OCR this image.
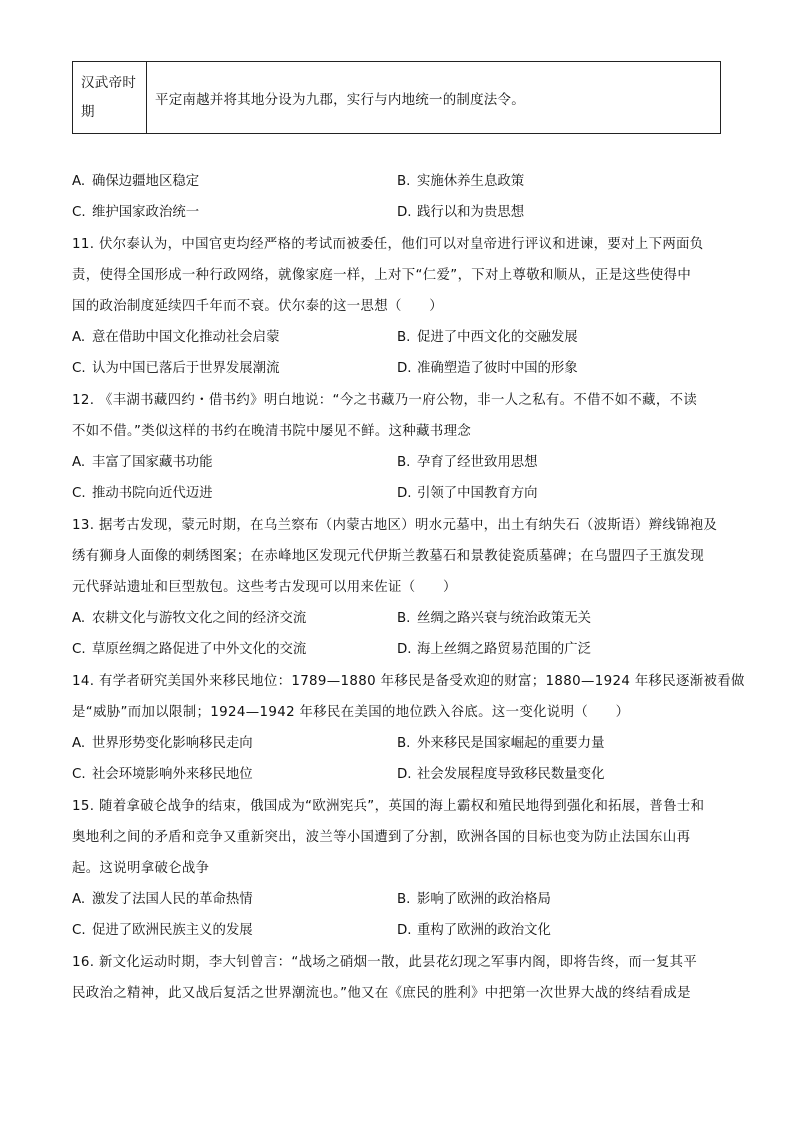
汉武帝时
期
平定南越并将其地分设为九郡，实行与内地统一的制度法令。
A. 确保边疆地区稳定	B. 实施休养生息政策
C. 维护国家政治统一	D. 践行以和为贵思想
11. 伏尔泰认为，中国官吏均经严格的考试而被委任，他们可以对皇帝进行评议和进谏，要对上下两面负
责，使得全国形成一种行政网络，就像家庭一样，上对下“仁爱”，下对上尊敬和顺从，正是这些使得中
国的政治制度延续四千年而不衰。伏尔泰的这一思想（　　）
A. 意在借助中国文化推动社会启蒙	B. 促进了中西文化的交融发展
C. 认为中国已落后于世界发展潮流	D. 准确塑造了彼时中国的形象
12. 《丰湖书藏四约・借书约》明白地说：“今之书藏乃一府公物，非一人之私有。不借不如不藏，不读
不如不借。”类似这样的书约在晚清书院中屡见不鲜。这种藏书理念
A. 丰富了国家藏书功能	B. 孕育了经世致用思想
C. 推动书院向近代迈进	D. 引领了中国教育方向
13. 据考古发现，蒙元时期，在乌兰察布（内蒙古地区）明水元墓中，出土有纳失石（波斯语）辫线锦袍及
绣有狮身人面像的刺绣图案；在赤峰地区发现元代伊斯兰教墓石和景教徒瓷质墓碑；在乌盟四子王旗发现
元代驿站遗址和巨型敖包。这些考古发现可以用来佐证（　　）
A. 农耕文化与游牧文化之间的经济交流	B. 丝绸之路兴衰与统治政策无关
C. 草原丝绸之路促进了中外文化的交流	D. 海上丝绸之路贸易范围的广泛
14. 有学者研究美国外来移民地位：1789—1880 年移民是备受欢迎的财富；1880—1924 年移民逐渐被看做
是“威胁”而加以限制；1924—1942 年移民在美国的地位跌入谷底。这一变化说明（　　）
A. 世界形势变化影响移民走向	B. 外来移民是国家崛起的重要力量
C. 社会环境影响外来移民地位	D. 社会发展程度导致移民数量变化
15. 随着拿破仑战争的结束，俄国成为“欧洲宪兵”，英国的海上霸权和殖民地得到强化和拓展，普鲁士和
奥地利之间的矛盾和竞争又重新突出，波兰等小国遭到了分割，欧洲各国的目标也变为防止法国东山再
起。这说明拿破仑战争
A. 激发了法国人民的革命热情	B. 影响了欧洲的政治格局
C. 促进了欧洲民族主义的发展	D. 重构了欧洲的政治文化
16. 新文化运动时期，李大钊曾言：“战场之硝烟一散，此昙花幻现之军事内阁，即将告终，而一复其平
民政治之精神，此又战后复活之世界潮流也。”他又在《庶民的胜利》中把第一次世界大战的终结看成是
